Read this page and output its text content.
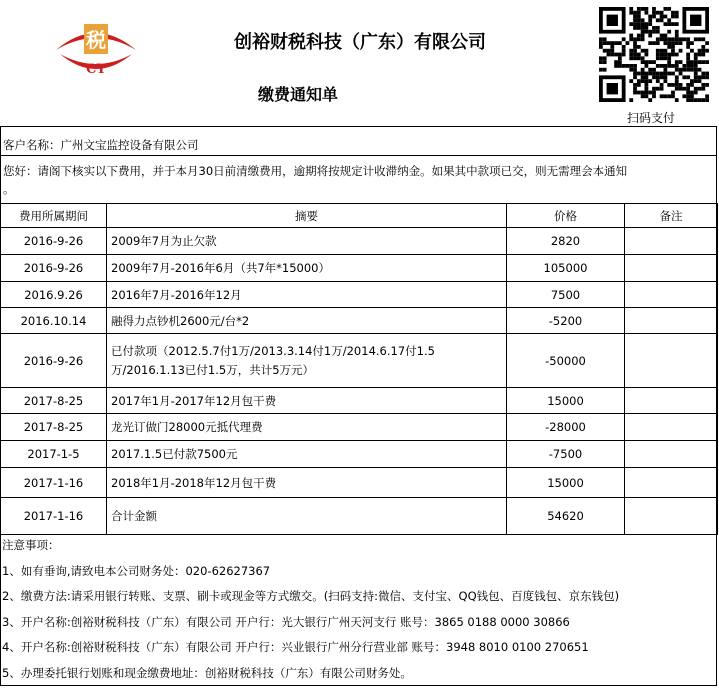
税
CY
创裕财税科技（广东）有限公司
缴费通知单
扫码支付
客户名称：广州文宝监控设备有限公司
您好：请阁下核实以下费用，并于本月30日前清缴费用，逾期将按规定计收滞纳金。如果其中款项已交，则无需理会本通知
。
费用所属期间	摘要	价格	备注
2016-9-26	2009年7月为止欠款	2820	
2016-9-26	2009年7月-2016年6月（共7年*15000）	105000	
2016.9.26	2016年7月-2016年12月	7500	
2016.10.14	融得力点钞机2600元/台*2	-5200	
2016-9-26	已付款项（2012.5.7付1万/2013.3.14付1万/2014.6.17付1.5万/2016.1.13已付1.5万，共计5万元）	-50000	
2017-8-25	2017年1月-2017年12月包干费	15000	
2017-8-25	龙光订做门28000元抵代理费	-28000	
2017-1-5	2017.1.5已付款7500元	-7500	
2017-1-16	2018年1月-2018年12月包干费	15000	
2017-1-16	合计金额	54620	
注意事项：
1、如有垂询,请致电本公司财务处：020-62627367
2、缴费方法:请采用银行转账、支票、刷卡或现金等方式缴交。(扫码支持:微信、支付宝、QQ钱包、百度钱包、京东钱包)
3、开户名称:创裕财税科技（广东）有限公司 开户行：光大银行广州天河支行 账号：3865 0188 0000 30866
4、开户名称:创裕财税科技（广东）有限公司 开户行：兴业银行广州分行营业部 账号：3948 8010 0100 270651
5、办理委托银行划账和现金缴费地址：创裕财税科技（广东）有限公司财务处。
